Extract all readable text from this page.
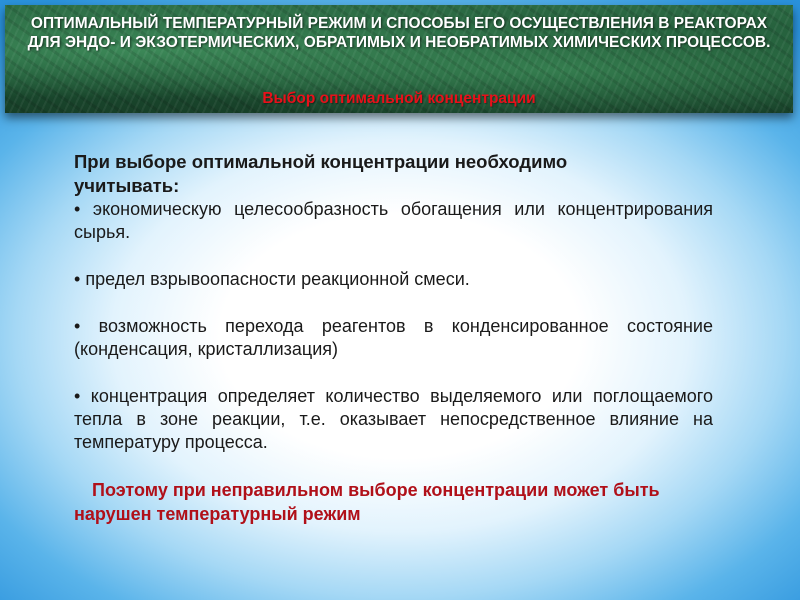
ОПТИМАЛЬНЫЙ ТЕМПЕРАТУРНЫЙ РЕЖИМ И СПОСОБЫ ЕГО ОСУЩЕСТВЛЕНИЯ В РЕАКТОРАХ ДЛЯ ЭНДО- И ЭКЗОТЕРМИЧЕСКИХ, ОБРАТИМЫХ И НЕОБРАТИМЫХ ХИМИЧЕСКИХ ПРОЦЕССОВ.

Выбор оптимальной концентрации

При выборе оптимальной концентрации необходимо учитывать:

• экономическую целесообразность обогащения или концентрирования сырья.

• предел взрывоопасности реакционной смеси.

• возможность перехода реагентов в конденсированное состояние (конденсация, кристаллизация)

• концентрация определяет количество выделяемого или поглощаемого тепла в зоне реакции, т.е. оказывает непосредственное влияние на температуру процесса.

Поэтому при неправильном выборе концентрации может быть нарушен температурный режим
